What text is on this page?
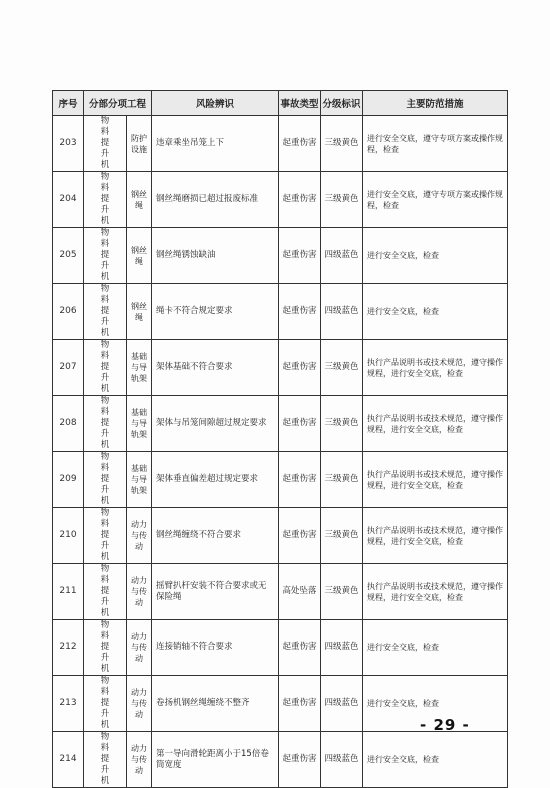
序号	分部分项工程		风险辨识	事故类型	分级标识	主要防范措施
203	物料提升机	防护设施	违章乘坐吊笼上下	起重伤害	三级黄色	进行安全交底，遵守专项方案或操作规程，检查
204	物料提升机	钢丝绳	钢丝绳磨损已超过报废标准	起重伤害	三级黄色	进行安全交底，遵守专项方案或操作规程，检查
205	物料提升机	钢丝绳	钢丝绳锈蚀缺油	起重伤害	四级蓝色	进行安全交底，检查
206	物料提升机	钢丝绳	绳卡不符合规定要求	起重伤害	四级蓝色	进行安全交底，检查
207	物料提升机	基础与导轨架	架体基础不符合要求	起重伤害	三级黄色	执行产品说明书或技术规范，遵守操作规程，进行安全交底，检查
208	物料提升机	基础与导轨架	架体与吊笼间隙超过规定要求	起重伤害	三级黄色	执行产品说明书或技术规范，遵守操作规程，进行安全交底，检查
209	物料提升机	基础与导轨架	架体垂直偏差超过规定要求	起重伤害	三级黄色	执行产品说明书或技术规范，遵守操作规程，进行安全交底，检查
210	物料提升机	动力与传动	钢丝绳缠绕不符合要求	起重伤害	三级黄色	执行产品说明书或技术规范，遵守操作规程，进行安全交底，检查
211	物料提升机	动力与传动	摇臂扒杆安装不符合要求或无保险绳	高处坠落	三级黄色	执行产品说明书或技术规范，遵守操作规程，进行安全交底，检查
212	物料提升机	动力与传动	连接销轴不符合要求	起重伤害	四级蓝色	进行安全交底，检查
213	物料提升机	动力与传动	卷扬机钢丝绳缠绕不整齐	起重伤害	四级蓝色	进行安全交底，检查
214	物料提升机	动力与传动	第一导向滑轮距离小于15倍卷筒宽度	起重伤害	四级蓝色	进行安全交底，检查
- 29 -
